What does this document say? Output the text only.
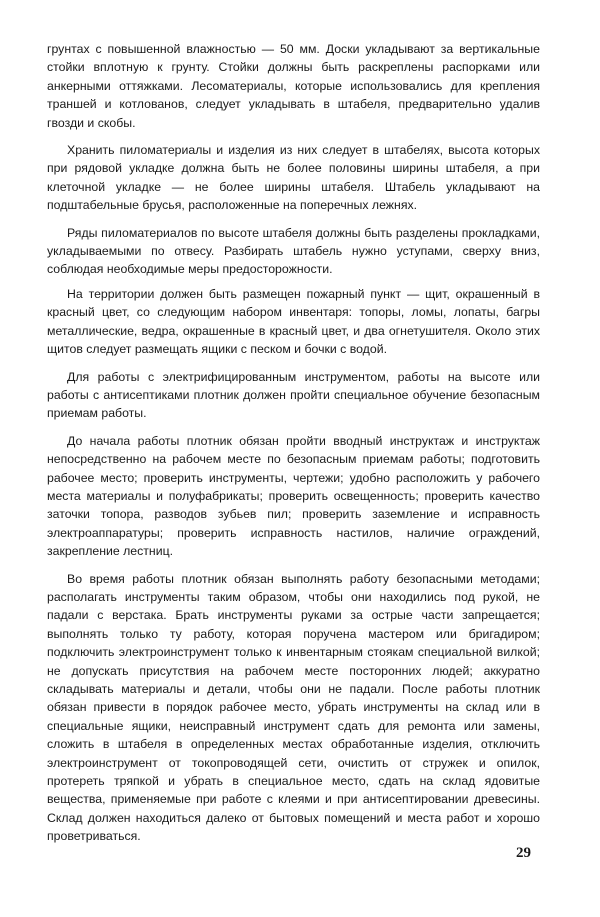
грунтах с повышенной влажностью — 50 мм. Доски укладывают за вертикальные стойки вплотную к грунту. Стойки должны быть раскреплены распорками или анкерными оттяжками. Лесоматериалы, которые использовались для крепления траншей и котлованов, следует укладывать в штабеля, предварительно удалив гвозди и скобы.

Хранить пиломатериалы и изделия из них следует в штабелях, высота которых при рядовой укладке должна быть не более половины ширины штабеля, а при клеточной укладке — не более ширины штабеля. Штабель укладывают на подштабельные брусья, расположенные на поперечных лежнях.

Ряды пиломатериалов по высоте штабеля должны быть разделены прокладками, укладываемыми по отвесу. Разбирать штабель нужно уступами, сверху вниз, соблюдая необходимые меры предосторожности.

На территории должен быть размещен пожарный пункт — щит, окрашенный в красный цвет, со следующим набором инвентаря: топоры, ломы, лопаты, багры металлические, ведра, окрашенные в красный цвет, и два огнетушителя. Около этих щитов следует размещать ящики с песком и бочки с водой.

Для работы с электрифицированным инструментом, работы на высоте или работы с антисептиками плотник должен пройти специальное обучение безопасным приемам работы.

До начала работы плотник обязан пройти вводный инструктаж и инструктаж непосредственно на рабочем месте по безопасным приемам работы; подготовить рабочее место; проверить инструменты, чертежи; удобно расположить у рабочего места материалы и полуфабрикаты; проверить освещенность; проверить качество заточки топора, разводов зубьев пил; проверить заземление и исправность электроаппаратуры; проверить исправность настилов, наличие ограждений, закрепление лестниц.

Во время работы плотник обязан выполнять работу безопасными методами; располагать инструменты таким образом, чтобы они находились под рукой, не падали с верстака. Брать инструменты руками за острые части запрещается; выполнять только ту работу, которая поручена мастером или бригадиром; подключить электроинструмент только к инвентарным стоякам специальной вилкой; не допускать присутствия на рабочем месте посторонних людей; аккуратно складывать материалы и детали, чтобы они не падали. После работы плотник обязан привести в порядок рабочее место, убрать инструменты на склад или в специальные ящики, неисправный инструмент сдать для ремонта или замены, сложить в штабеля в определенных местах обработанные изделия, отключить электроинструмент от токопроводящей сети, очистить от стружек и опилок, протереть тряпкой и убрать в специальное место, сдать на склад ядовитые вещества, применяемые при работе с клеями и при антисептировании древесины. Склад должен находиться далеко от бытовых помещений и места работ и хорошо проветриваться.

29
